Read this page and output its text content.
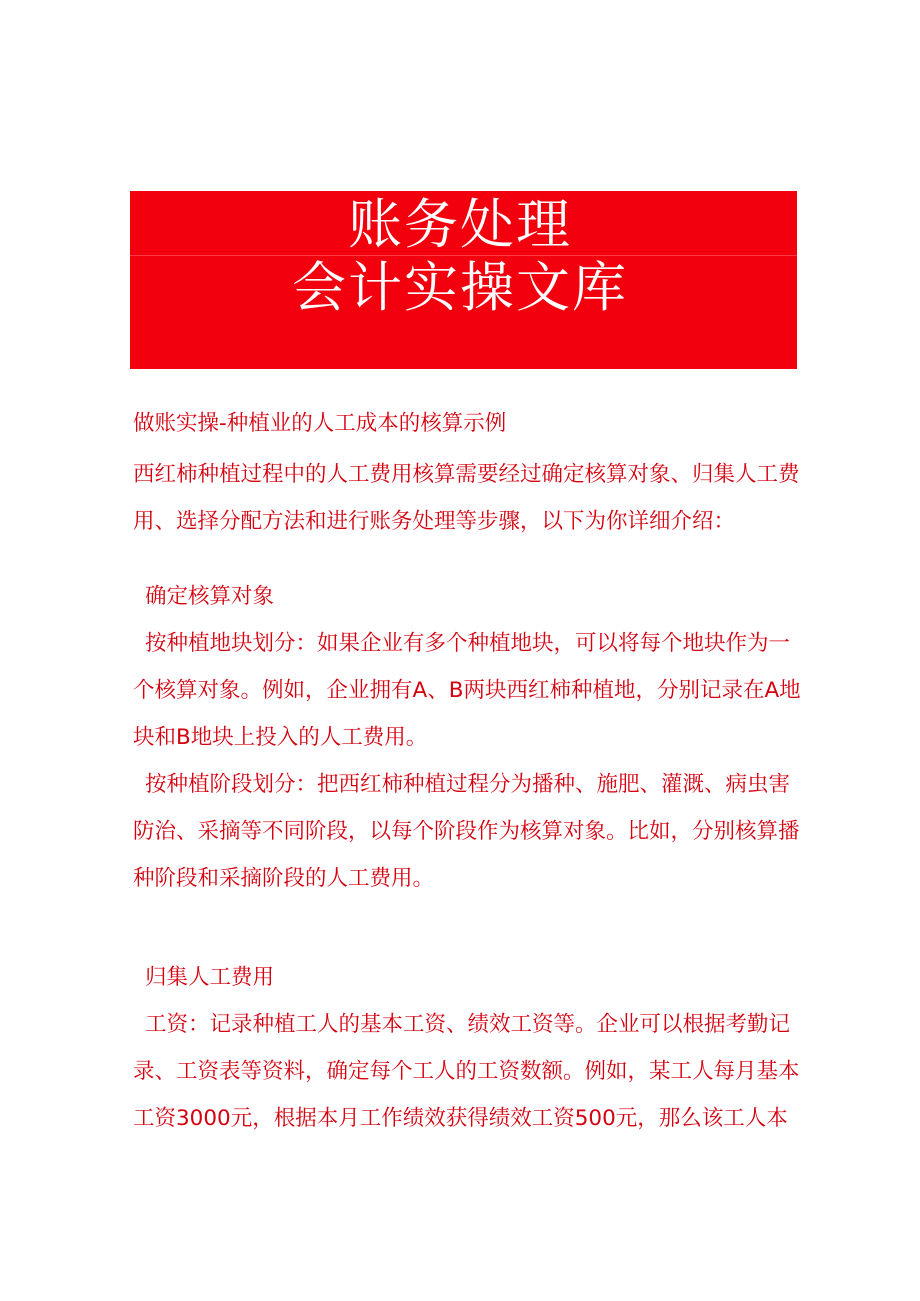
账务处理
会计实操文库

做账实操-种植业的人工成本的核算示例

西红柿种植过程中的人工费用核算需要经过确定核算对象、归集人工费用、选择分配方法和进行账务处理等步骤，以下为你详细介绍：

确定核算对象

按种植地块划分：如果企业有多个种植地块，可以将每个地块作为一个核算对象。例如，企业拥有A、B两块西红柿种植地，分别记录在A地块和B地块上投入的人工费用。

按种植阶段划分：把西红柿种植过程分为播种、施肥、灌溉、病虫害防治、采摘等不同阶段，以每个阶段作为核算对象。比如，分别核算播种阶段和采摘阶段的人工费用。

归集人工费用

工资：记录种植工人的基本工资、绩效工资等。企业可以根据考勤记录、工资表等资料，确定每个工人的工资数额。例如，某工人每月基本工资3000元，根据本月工作绩效获得绩效工资500元，那么该工人本
